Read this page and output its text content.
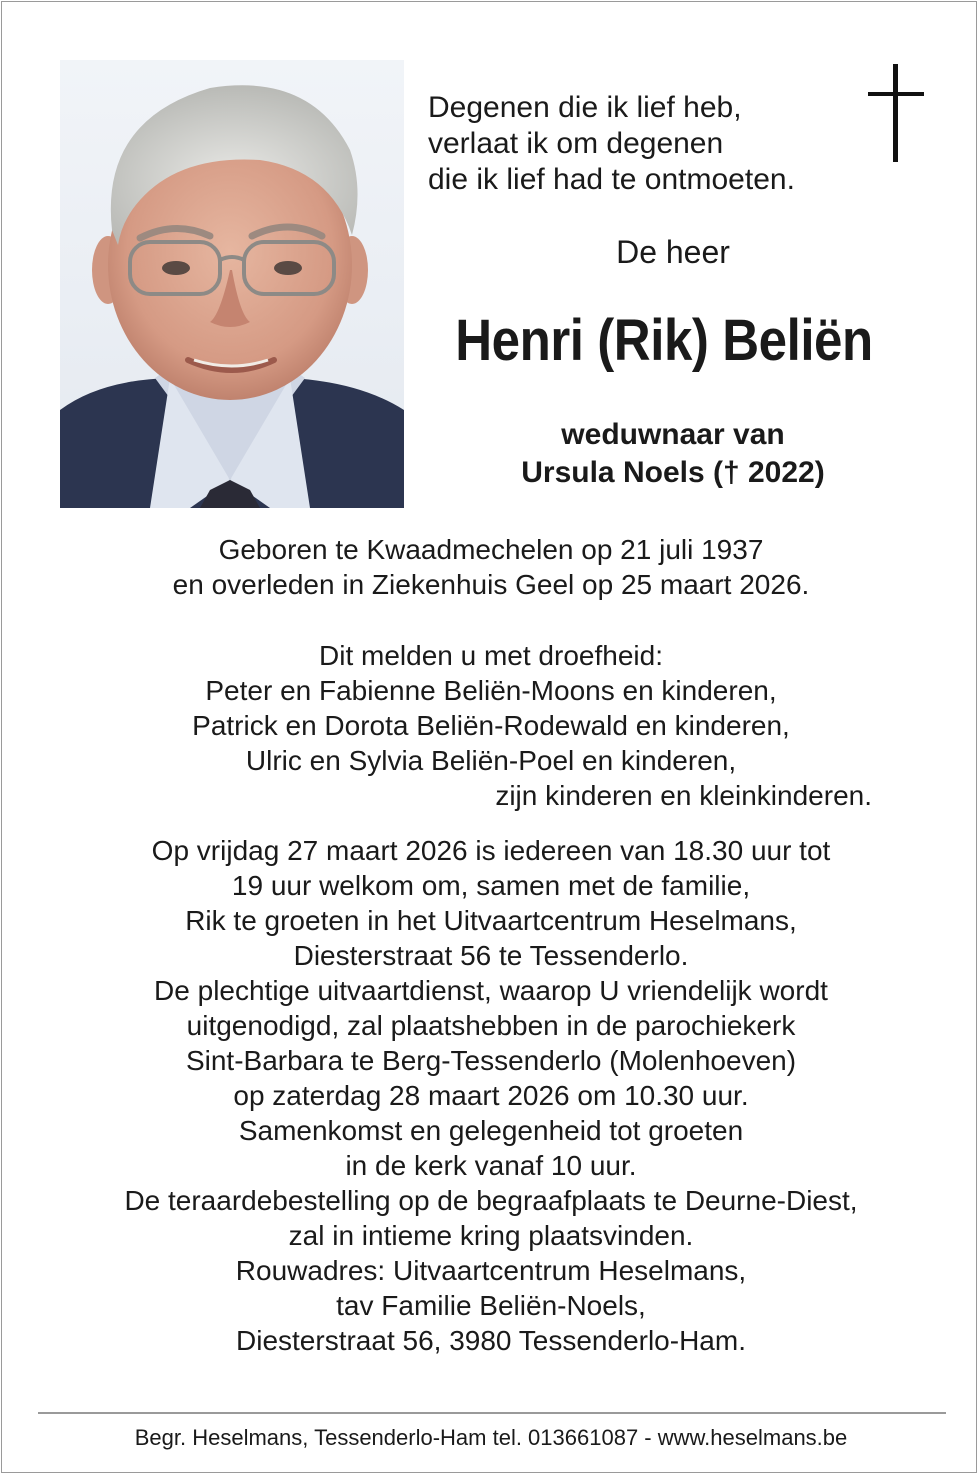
Degenen die ik lief heb,
verlaat ik om degenen
die ik lief had te ontmoeten.
De heer
Henri (Rik) Beliën
weduwnaar van
Ursula Noels († 2022)
Geboren te Kwaadmechelen op 21 juli 1937
en overleden in Ziekenhuis Geel op 25 maart 2026.
Dit melden u met droefheid:
Peter en Fabienne Beliën-Moons en kinderen,
Patrick en Dorota Beliën-Rodewald en kinderen,
Ulric en Sylvia Beliën-Poel en kinderen,
zijn kinderen en kleinkinderen.
Op vrijdag 27 maart 2026 is iedereen van 18.30 uur tot
19 uur welkom om, samen met de familie,
Rik te groeten in het Uitvaartcentrum Heselmans,
Diesterstraat 56 te Tessenderlo.
De plechtige uitvaartdienst, waarop U vriendelijk wordt
uitgenodigd, zal plaatshebben in de parochiekerk
Sint-Barbara te Berg-Tessenderlo (Molenhoeven)
op zaterdag 28 maart 2026 om 10.30 uur.
Samenkomst en gelegenheid tot groeten
in de kerk vanaf 10 uur.
De teraardebestelling op de begraafplaats te Deurne-Diest,
zal in intieme kring plaatsvinden.
Rouwadres: Uitvaartcentrum Heselmans,
tav Familie Beliën-Noels,
Diesterstraat 56, 3980 Tessenderlo-Ham.
Begr. Heselmans, Tessenderlo-Ham tel. 013661087 - www.heselmans.be
